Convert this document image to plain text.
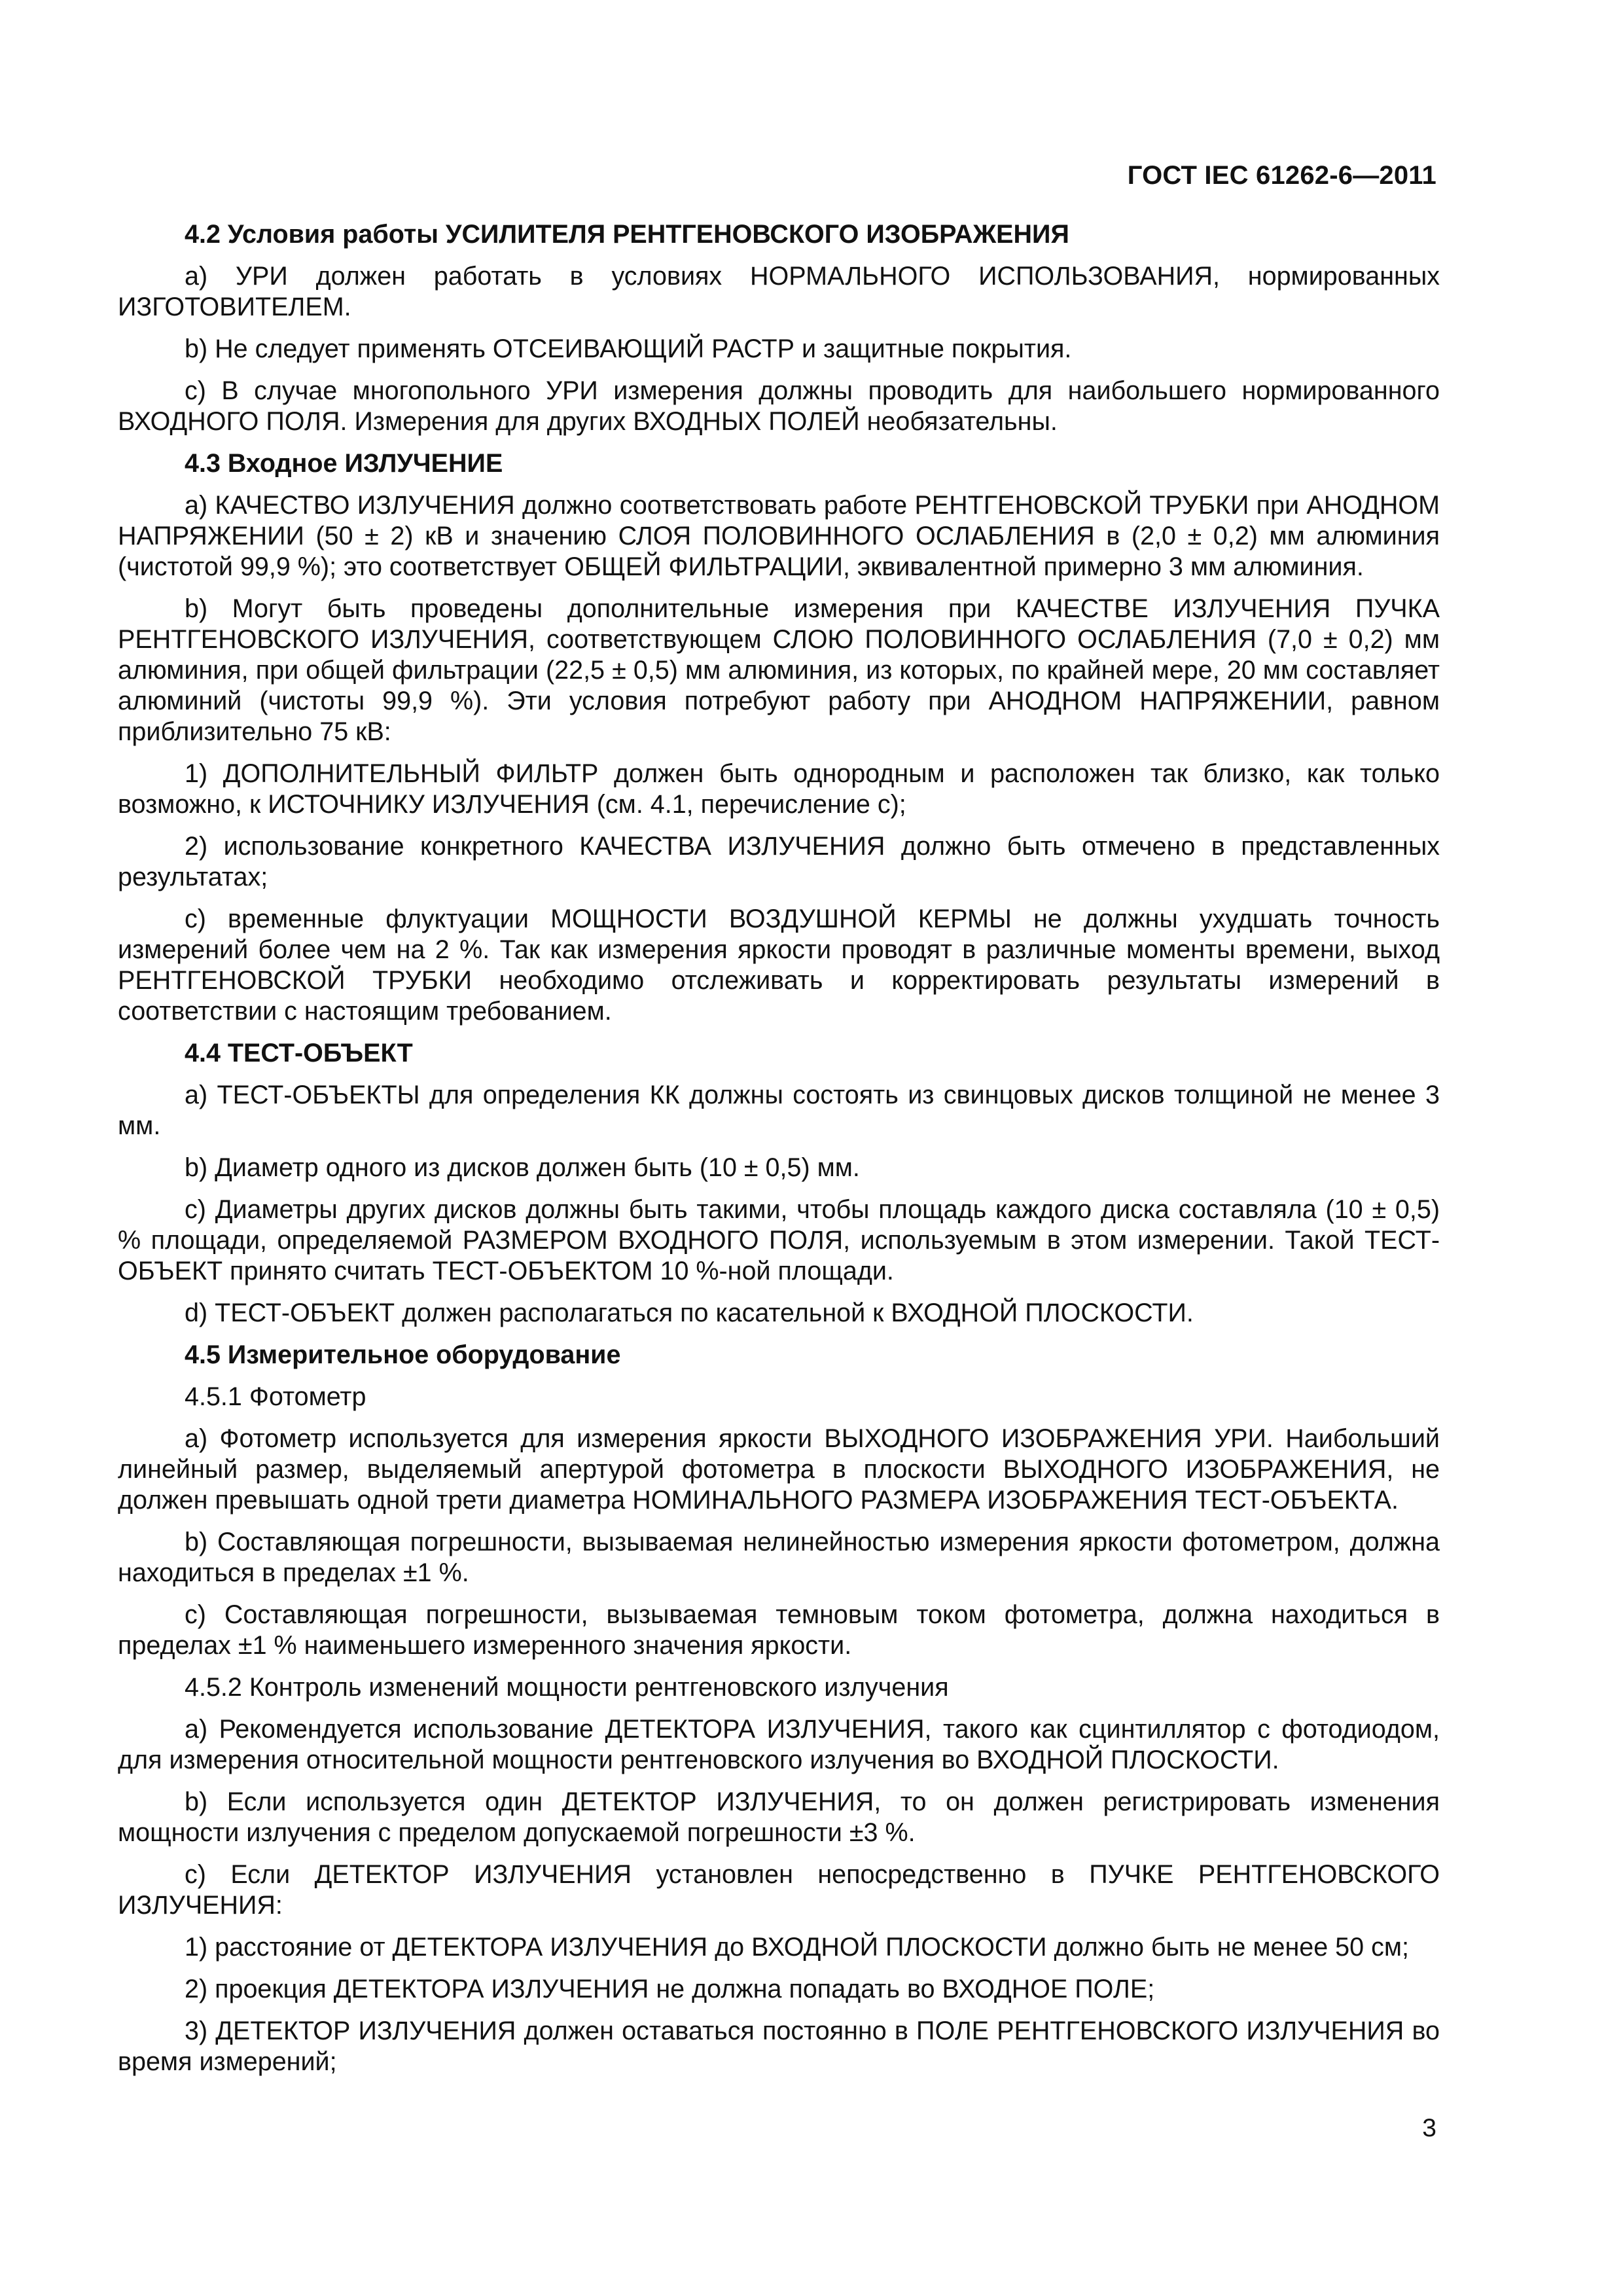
ГОСТ IEC 61262-6—2011
4.2 Условия работы УСИЛИТЕЛЯ РЕНТГЕНОВСКОГО ИЗОБРАЖЕНИЯ
a) УРИ должен работать в условиях НОРМАЛЬНОГО ИСПОЛЬЗОВАНИЯ, нормированных ИЗГОТОВИТЕЛЕМ.
b) Не следует применять ОТСЕИВАЮЩИЙ РАСТР и защитные покрытия.
c) В случае многопольного УРИ измерения должны проводить для наибольшего нормированного ВХОДНОГО ПОЛЯ. Измерения для других ВХОДНЫХ ПОЛЕЙ необязательны.
4.3 Входное ИЗЛУЧЕНИЕ
a) КАЧЕСТВО ИЗЛУЧЕНИЯ должно соответствовать работе РЕНТГЕНОВСКОЙ ТРУБКИ при АНОДНОМ НАПРЯЖЕНИИ (50 ± 2) кВ и значению СЛОЯ ПОЛОВИННОГО ОСЛАБЛЕНИЯ в (2,0 ± 0,2) мм алюминия (чистотой 99,9 %); это соответствует ОБЩЕЙ ФИЛЬТРАЦИИ, эквивалентной примерно 3 мм алюминия.
b) Могут быть проведены дополнительные измерения при КАЧЕСТВЕ ИЗЛУЧЕНИЯ ПУЧКА РЕНТГЕНОВСКОГО ИЗЛУЧЕНИЯ, соответствующем СЛОЮ ПОЛОВИННОГО ОСЛАБЛЕНИЯ (7,0 ± 0,2) мм алюминия, при общей фильтрации (22,5 ± 0,5) мм алюминия, из которых, по крайней мере, 20 мм составляет алюминий (чистоты 99,9 %). Эти условия потребуют работу при АНОДНОМ НАПРЯЖЕНИИ, равном приблизительно 75 кВ:
1) ДОПОЛНИТЕЛЬНЫЙ ФИЛЬТР должен быть однородным и расположен так близко, как только возможно, к ИСТОЧНИКУ ИЗЛУЧЕНИЯ (см. 4.1, перечисление c);
2) использование конкретного КАЧЕСТВА ИЗЛУЧЕНИЯ должно быть отмечено в представленных результатах;
c) временные флуктуации МОЩНОСТИ ВОЗДУШНОЙ КЕРМЫ не должны ухудшать точность измерений более чем на 2 %. Так как измерения яркости проводят в различные моменты времени, выход РЕНТГЕНОВСКОЙ ТРУБКИ необходимо отслеживать и корректировать результаты измерений в соответствии с настоящим требованием.
4.4 ТЕСТ-ОБЪЕКТ
a) ТЕСТ-ОБЪЕКТЫ для определения КК должны состоять из свинцовых дисков толщиной не менее 3 мм.
b) Диаметр одного из дисков должен быть (10 ± 0,5) мм.
c) Диаметры других дисков должны быть такими, чтобы площадь каждого диска составляла (10 ± 0,5) % площади, определяемой РАЗМЕРОМ ВХОДНОГО ПОЛЯ, используемым в этом измерении. Такой ТЕСТ-ОБЪЕКТ принято считать ТЕСТ-ОБЪЕКТОМ 10 %-ной площади.
d) ТЕСТ-ОБЪЕКТ должен располагаться по касательной к ВХОДНОЙ ПЛОСКОСТИ.
4.5 Измерительное оборудование
4.5.1 Фотометр
a) Фотометр используется для измерения яркости ВЫХОДНОГО ИЗОБРАЖЕНИЯ УРИ. Наибольший линейный размер, выделяемый апертурой фотометра в плоскости ВЫХОДНОГО ИЗОБРАЖЕНИЯ, не должен превышать одной трети диаметра НОМИНАЛЬНОГО РАЗМЕРА ИЗОБРАЖЕНИЯ ТЕСТ-ОБЪЕКТА.
b) Составляющая погрешности, вызываемая нелинейностью измерения яркости фотометром, должна находиться в пределах ±1 %.
c) Составляющая погрешности, вызываемая темновым током фотометра, должна находиться в пределах ±1 % наименьшего измеренного значения яркости.
4.5.2 Контроль изменений мощности рентгеновского излучения
a) Рекомендуется использование ДЕТЕКТОРА ИЗЛУЧЕНИЯ, такого как сцинтиллятор с фотодиодом, для измерения относительной мощности рентгеновского излучения во ВХОДНОЙ ПЛОСКОСТИ.
b) Если используется один ДЕТЕКТОР ИЗЛУЧЕНИЯ, то он должен регистрировать изменения мощности излучения с пределом допускаемой погрешности ±3 %.
c) Если ДЕТЕКТОР ИЗЛУЧЕНИЯ установлен непосредственно в ПУЧКЕ РЕНТГЕНОВСКОГО ИЗЛУЧЕНИЯ:
1) расстояние от ДЕТЕКТОРА ИЗЛУЧЕНИЯ до ВХОДНОЙ ПЛОСКОСТИ должно быть не менее 50 см;
2) проекция ДЕТЕКТОРА ИЗЛУЧЕНИЯ не должна попадать во ВХОДНОЕ ПОЛЕ;
3) ДЕТЕКТОР ИЗЛУЧЕНИЯ должен оставаться постоянно в ПОЛЕ РЕНТГЕНОВСКОГО ИЗЛУЧЕНИЯ во время измерений;
3
